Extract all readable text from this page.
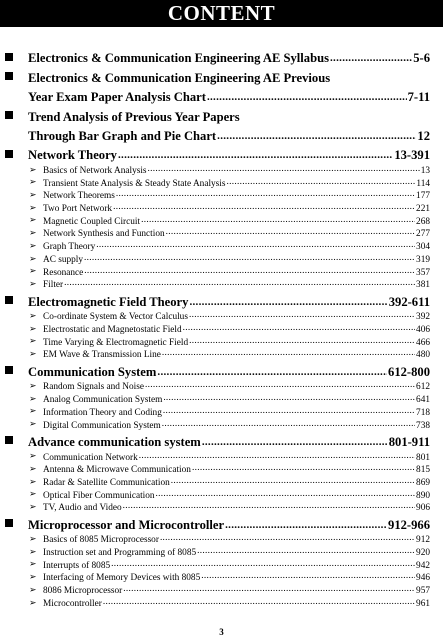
CONTENT
Electronics & Communication Engineering AE Syllabus .....	5-6
Electronics & Communication Engineering AE Previous
Year Exam Paper Analysis Chart .....	7-11
Trend Analysis of Previous Year Papers
Through Bar Graph and Pie Chart .....	12
Network Theory .....	13-391
➢ Basics of Network Analysis .....	13
➢ Transient State Analysis & Steady State Analysis .....	114
➢ Network Theorems .....	177
➢ Two Port Network .....	221
➢ Magnetic Coupled Circuit .....	268
➢ Network Synthesis and Function .....	277
➢ Graph Theory .....	304
➢ AC supply .....	319
➢ Resonance .....	357
➢ Filter .....	381
Electromagnetic Field Theory .....	392-611
➢ Co-ordinate System & Vector Calculus .....	392
➢ Electrostatic and Magnetostatic Field .....	406
➢ Time Varying & Electromagnetic Field .....	466
➢ EM Wave & Transmission Line .....	480
Communication System .....	612-800
➢ Random Signals and Noise .....	612
➢ Analog Communication System .....	641
➢ Information Theory and Coding .....	718
➢ Digital Communication System .....	738
Advance communication system .....	801-911
➢ Communication Network .....	801
➢ Antenna & Microwave Communication .....	815
➢ Radar & Satellite Communication .....	869
➢ Optical Fiber Communication .....	890
➢ TV, Audio and Video .....	906
Microprocessor and Microcontroller .....	912-966
➢ Basics of 8085 Microprocessor .....	912
➢ Instruction set and Programming of 8085 .....	920
➢ Interrupts of 8085 .....	942
➢ Interfacing of Memory Devices with 8085 .....	946
➢ 8086 Microprocessor .....	957
➢ Microcontroller .....	961
3
